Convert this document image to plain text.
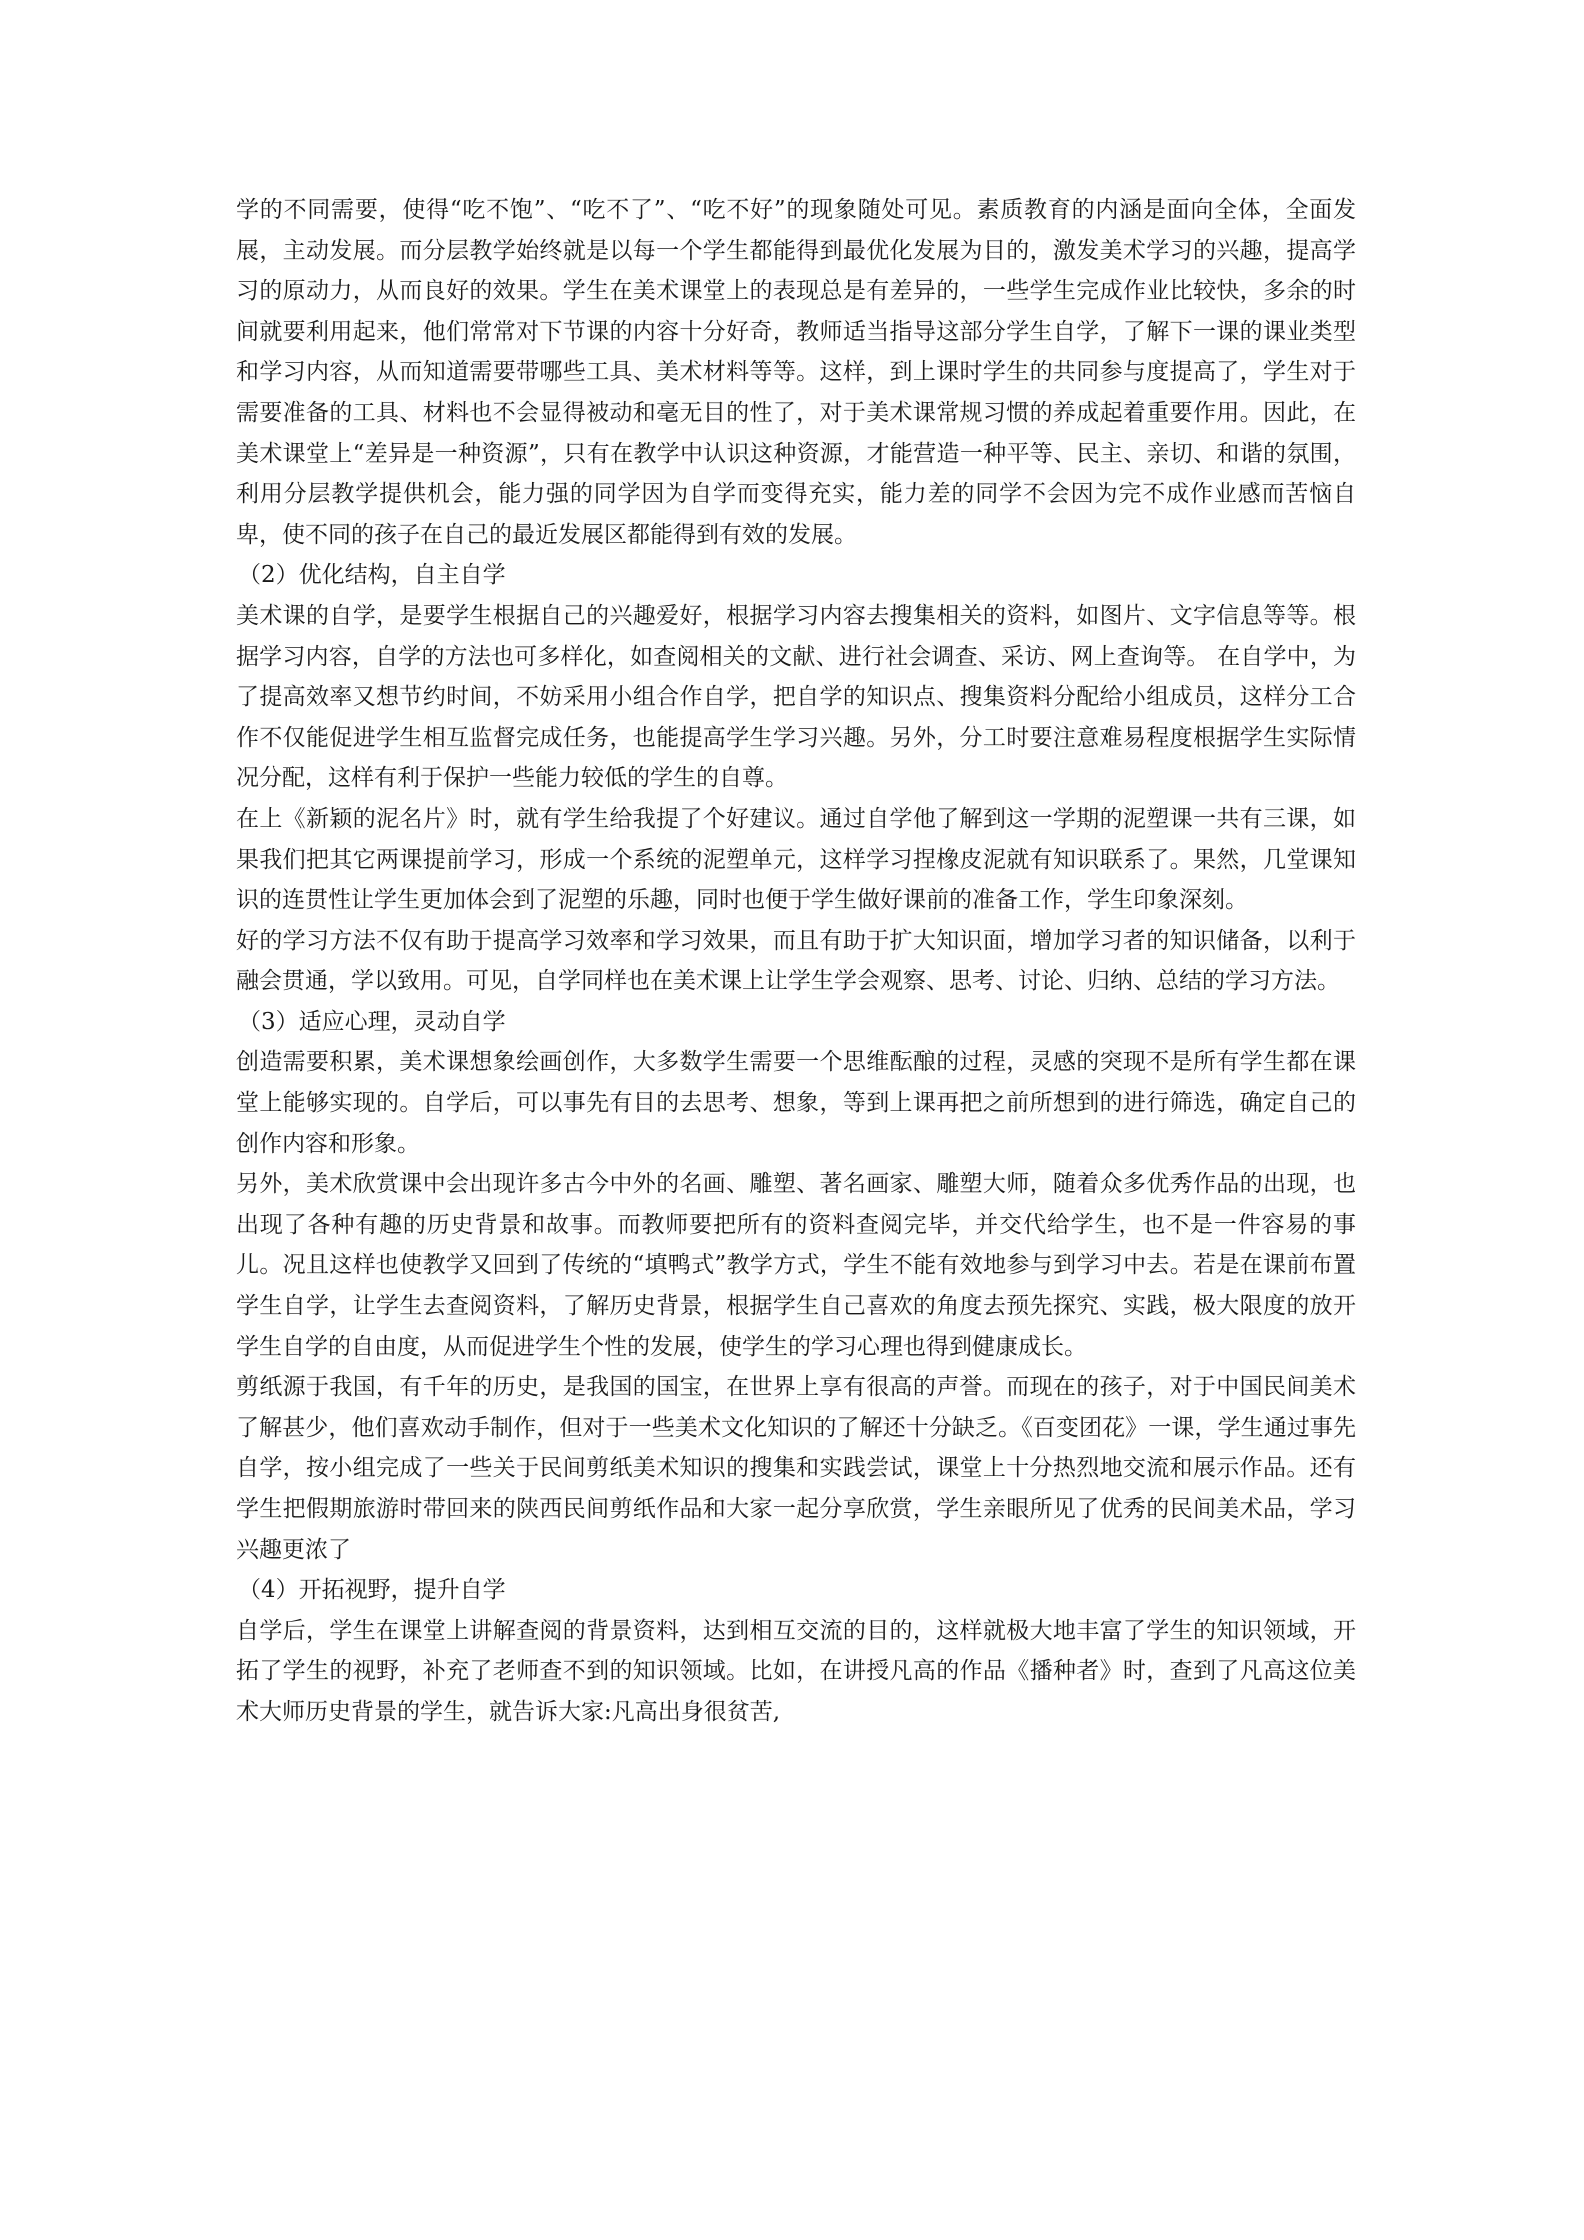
学的不同需要，使得“吃不饱”、“吃不了”、“吃不好”的现象随处可见。素质教育的内涵是面向全体，全面发展，主动发展。而分层教学始终就是以每一个学生都能得到最优化发展为目的，激发美术学习的兴趣，提高学习的原动力，从而良好的效果。学生在美术课堂上的表现总是有差异的，一些学生完成作业比较快，多余的时间就要利用起来，他们常常对下节课的内容十分好奇，教师适当指导这部分学生自学，了解下一课的课业类型和学习内容，从而知道需要带哪些工具、美术材料等等。这样，到上课时学生的共同参与度提高了，学生对于需要准备的工具、材料也不会显得被动和毫无目的性了，对于美术课常规习惯的养成起着重要作用。因此，在美术课堂上“差异是一种资源”，只有在教学中认识这种资源，才能营造一种平等、民主、亲切、和谐的氛围，利用分层教学提供机会，能力强的同学因为自学而变得充实，能力差的同学不会因为完不成作业感而苦恼自卑，使不同的孩子在自己的最近发展区都能得到有效的发展。

（2）优化结构，自主自学

美术课的自学，是要学生根据自己的兴趣爱好，根据学习内容去搜集相关的资料，如图片、文字信息等等。根据学习内容，自学的方法也可多样化，如查阅相关的文献、进行社会调查、采访、网上查询等。 在自学中，为了提高效率又想节约时间，不妨采用小组合作自学，把自学的知识点、搜集资料分配给小组成员，这样分工合作不仅能促进学生相互监督完成任务，也能提高学生学习兴趣。另外，分工时要注意难易程度根据学生实际情况分配，这样有利于保护一些能力较低的学生的自尊。

在上《新颖的泥名片》时，就有学生给我提了个好建议。通过自学他了解到这一学期的泥塑课一共有三课，如果我们把其它两课提前学习，形成一个系统的泥塑单元，这样学习捏橡皮泥就有知识联系了。果然，几堂课知识的连贯性让学生更加体会到了泥塑的乐趣，同时也便于学生做好课前的准备工作，学生印象深刻。

好的学习方法不仅有助于提高学习效率和学习效果，而且有助于扩大知识面，增加学习者的知识储备，以利于融会贯通，学以致用。可见，自学同样也在美术课上让学生学会观察、思考、讨论、归纳、总结的学习方法。

（3）适应心理，灵动自学

创造需要积累，美术课想象绘画创作，大多数学生需要一个思维酝酿的过程，灵感的突现不是所有学生都在课堂上能够实现的。自学后，可以事先有目的去思考、想象，等到上课再把之前所想到的进行筛选，确定自己的创作内容和形象。

另外，美术欣赏课中会出现许多古今中外的名画、雕塑、著名画家、雕塑大师，随着众多优秀作品的出现，也出现了各种有趣的历史背景和故事。而教师要把所有的资料查阅完毕，并交代给学生，也不是一件容易的事儿。况且这样也使教学又回到了传统的“填鸭式”教学方式，学生不能有效地参与到学习中去。若是在课前布置学生自学，让学生去查阅资料，了解历史背景，根据学生自己喜欢的角度去预先探究、实践，极大限度的放开学生自学的自由度，从而促进学生个性的发展，使学生的学习心理也得到健康成长。

剪纸源于我国，有千年的历史，是我国的国宝，在世界上享有很高的声誉。而现在的孩子，对于中国民间美术了解甚少，他们喜欢动手制作，但对于一些美术文化知识的了解还十分缺乏。《百变团花》一课，学生通过事先自学，按小组完成了一些关于民间剪纸美术知识的搜集和实践尝试，课堂上十分热烈地交流和展示作品。还有学生把假期旅游时带回来的陕西民间剪纸作品和大家一起分享欣赏，学生亲眼所见了优秀的民间美术品，学习兴趣更浓了

（4）开拓视野，提升自学

自学后，学生在课堂上讲解查阅的背景资料，达到相互交流的目的，这样就极大地丰富了学生的知识领域，开拓了学生的视野，补充了老师查不到的知识领域。比如，在讲授凡高的作品《播种者》时，查到了凡高这位美术大师历史背景的学生，就告诉大家:凡高出身很贫苦,
